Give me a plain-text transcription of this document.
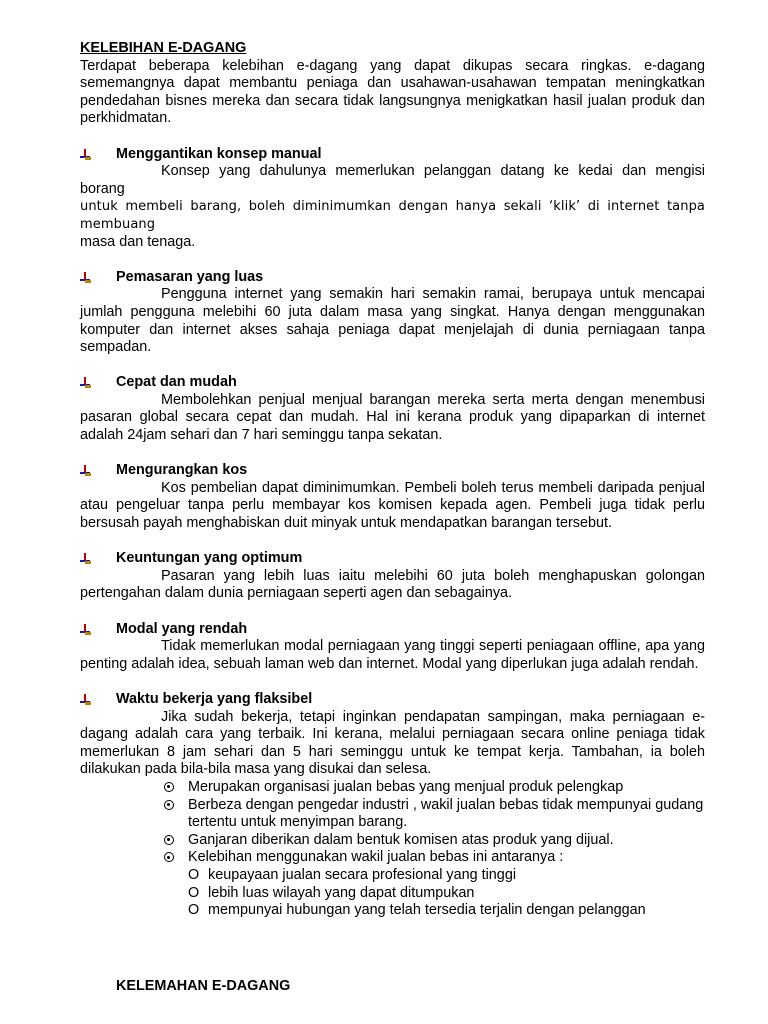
KELEBIHAN E-DAGANG

Terdapat beberapa kelebihan e-dagang yang dapat dikupas secara ringkas. e-dagang sememangnya dapat membantu peniaga dan usahawan-usahawan tempatan meningkatkan pendedahan bisnes mereka dan secara tidak langsungnya menigkatkan hasil jualan produk dan perkhidmatan.

Menggantikan konsep manual

Konsep yang dahulunya memerlukan pelanggan datang ke kedai dan mengisi borang

untuk membeli barang, boleh diminimumkan dengan hanya sekali ‘klik’ di internet tanpa membuang

masa dan tenaga.

Pemasaran yang luas

Pengguna internet yang semakin hari semakin ramai, berupaya untuk mencapai jumlah pengguna melebihi 60 juta dalam masa yang singkat. Hanya dengan menggunakan komputer dan internet akses sahaja peniaga dapat menjelajah di dunia perniagaan tanpa sempadan.

Cepat dan mudah

Membolehkan penjual menjual barangan mereka serta merta dengan menembusi pasaran global secara cepat dan mudah. Hal ini kerana produk yang dipaparkan di internet adalah 24jam sehari dan 7 hari seminggu tanpa sekatan.

Mengurangkan kos

Kos pembelian dapat diminimumkan. Pembeli boleh terus membeli daripada penjual atau pengeluar tanpa perlu membayar kos komisen kepada agen. Pembeli juga tidak perlu bersusah payah menghabiskan duit minyak untuk mendapatkan barangan tersebut.

Keuntungan yang optimum

Pasaran yang lebih luas iaitu melebihi 60 juta boleh menghapuskan golongan pertengahan dalam dunia perniagaan seperti agen dan sebagainya.

Modal yang rendah

Tidak memerlukan modal perniagaan yang tinggi seperti peniagaan offline, apa yang penting adalah idea, sebuah laman web dan internet. Modal yang diperlukan juga adalah rendah.

Waktu bekerja yang flaksibel

Jika sudah bekerja, tetapi inginkan pendapatan sampingan, maka perniagaan e-dagang adalah cara yang terbaik. Ini kerana, melalui perniagaan secara online peniaga tidak memerlukan 8 jam sehari dan 5 hari seminggu untuk ke tempat kerja. Tambahan, ia boleh dilakukan pada bila-bila masa yang disukai dan selesa.

Merupakan organisasi jualan bebas yang menjual produk pelengkap
Berbeza dengan pengedar industri , wakil jualan bebas tidak mempunyai gudang tertentu untuk menyimpan barang.
Ganjaran diberikan dalam bentuk komisen atas produk yang dijual.
Kelebihan menggunakan wakil jualan bebas ini antaranya :
O keupayaan jualan secara profesional yang tinggi
O lebih luas wilayah yang dapat ditumpukan
O mempunyai hubungan yang telah tersedia terjalin dengan pelanggan
KELEMAHAN E-DAGANG
